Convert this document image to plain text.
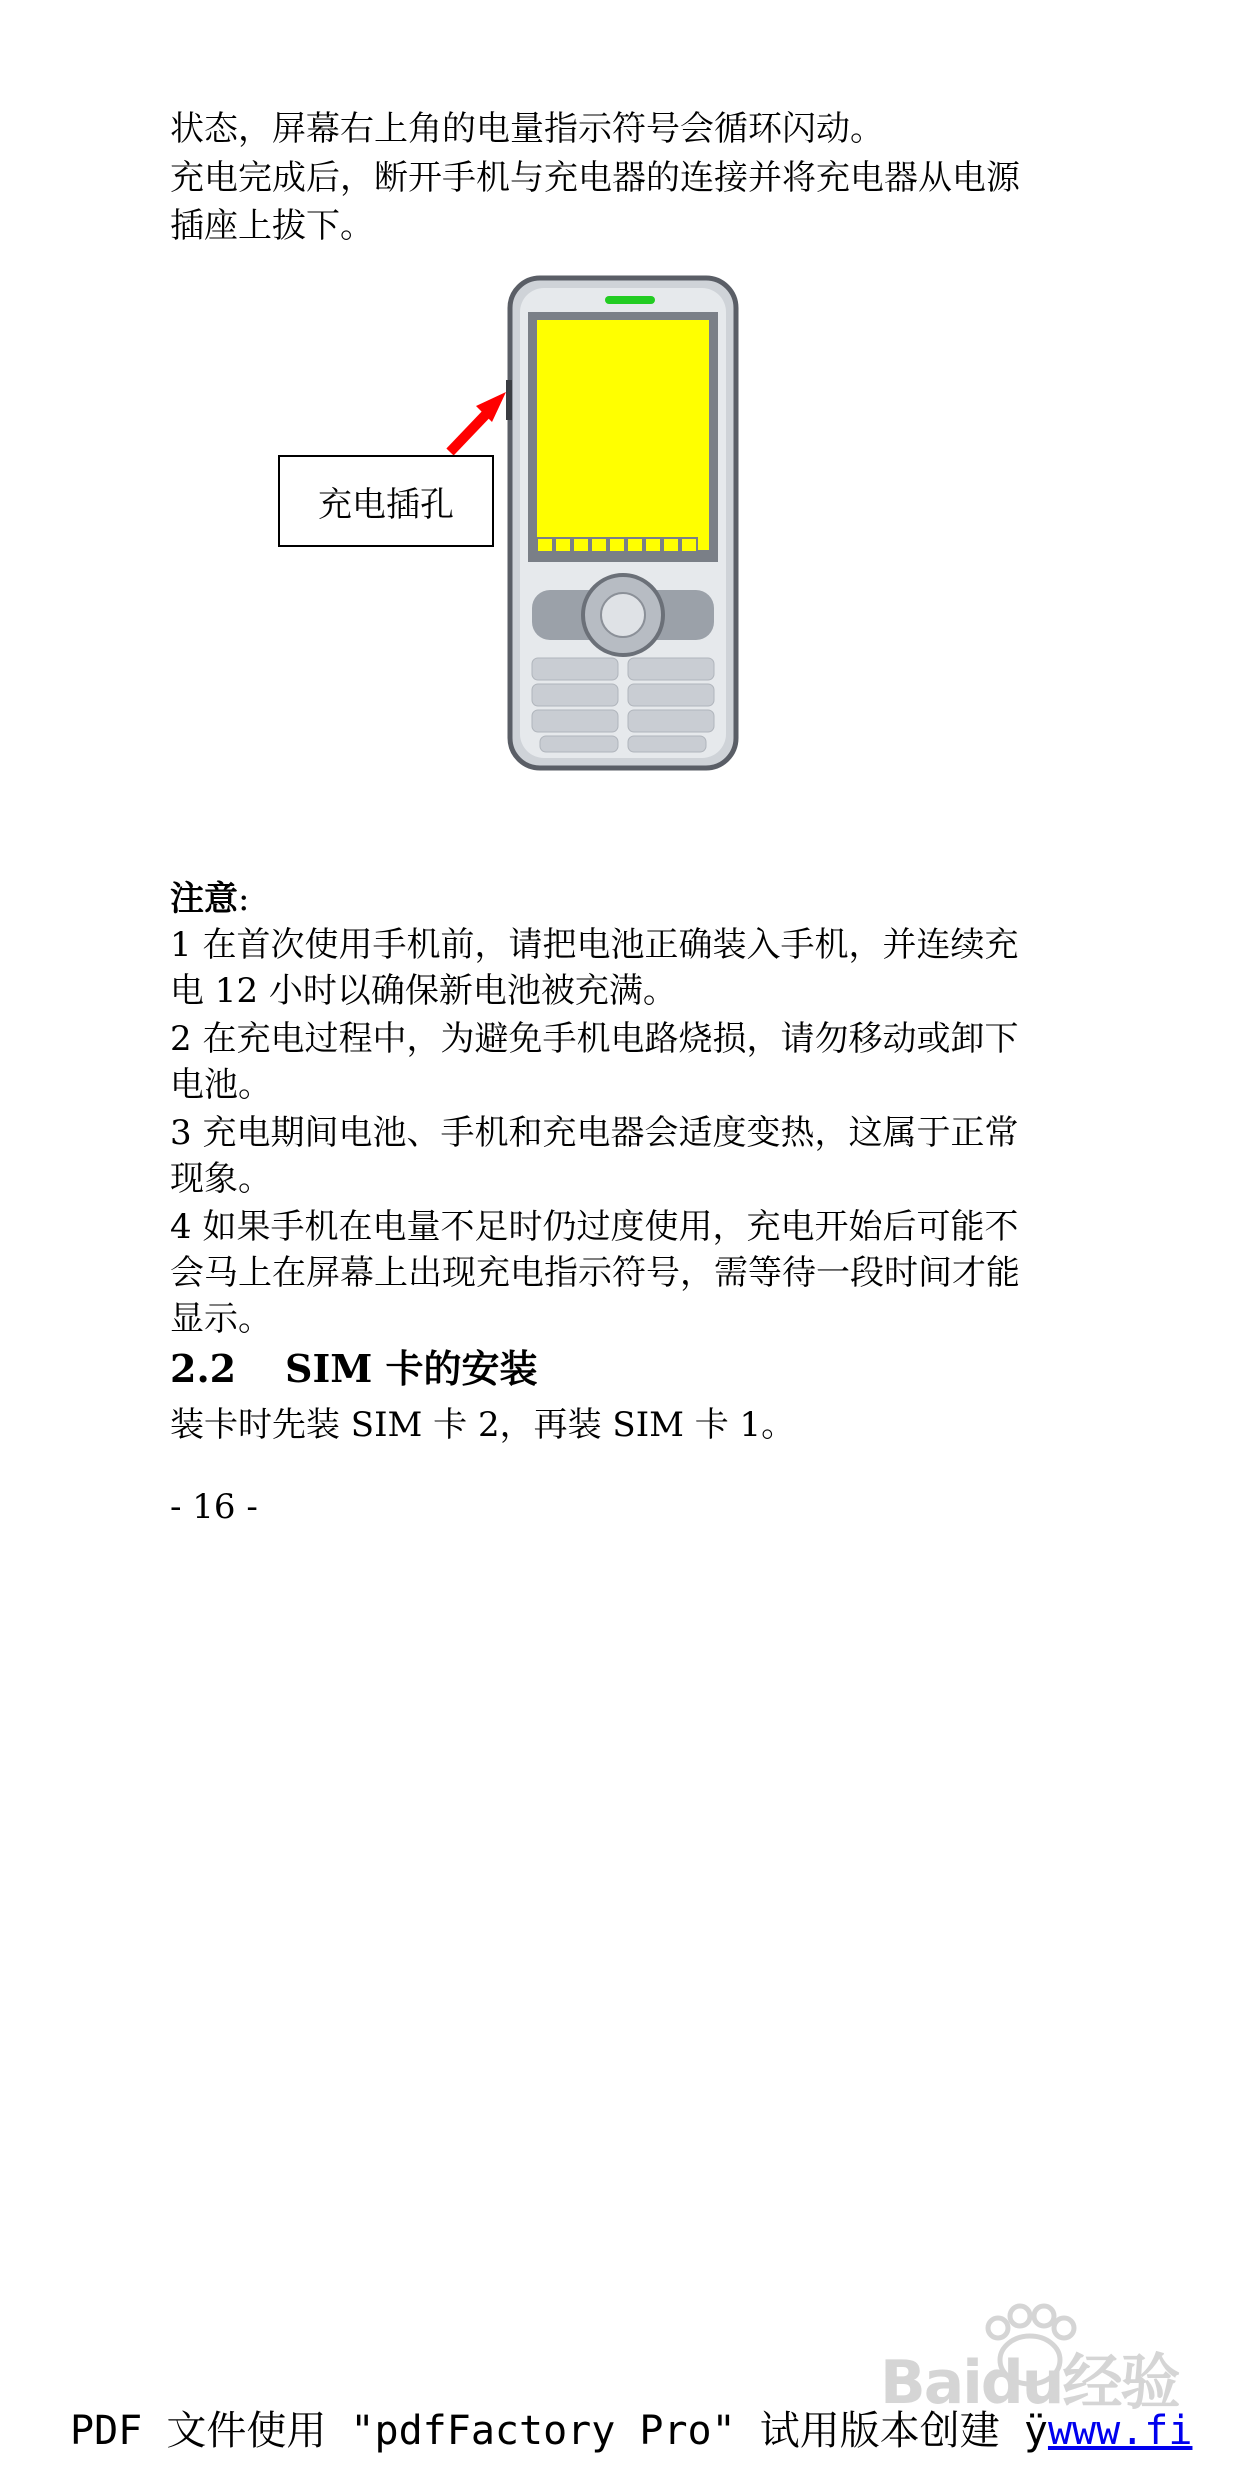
状态，屏幕右上角的电量指示符号会循环闪动。
充电完成后，断开手机与充电器的连接并将充电器从电源
插座上拔下。
充电插孔
注意:
1 在首次使用手机前，请把电池正确装入手机，并连续充
电 12 小时以确保新电池被充满。
2 在充电过程中，为避免手机电路烧损，请勿移动或卸下
电池。
3 充电期间电池、手机和充电器会适度变热，这属于正常
现象。
4 如果手机在电量不足时仍过度使用，充电开始后可能不
会马上在屏幕上出现充电指示符号，需等待一段时间才能
显示。
2.2 SIM 卡的安装
装卡时先装 SIM 卡 2，再装 SIM 卡 1。
- 16 -
Baidu经验
PDF 文件使用 "pdfFactory Pro" 试用版本创建 ÿwww.fi
